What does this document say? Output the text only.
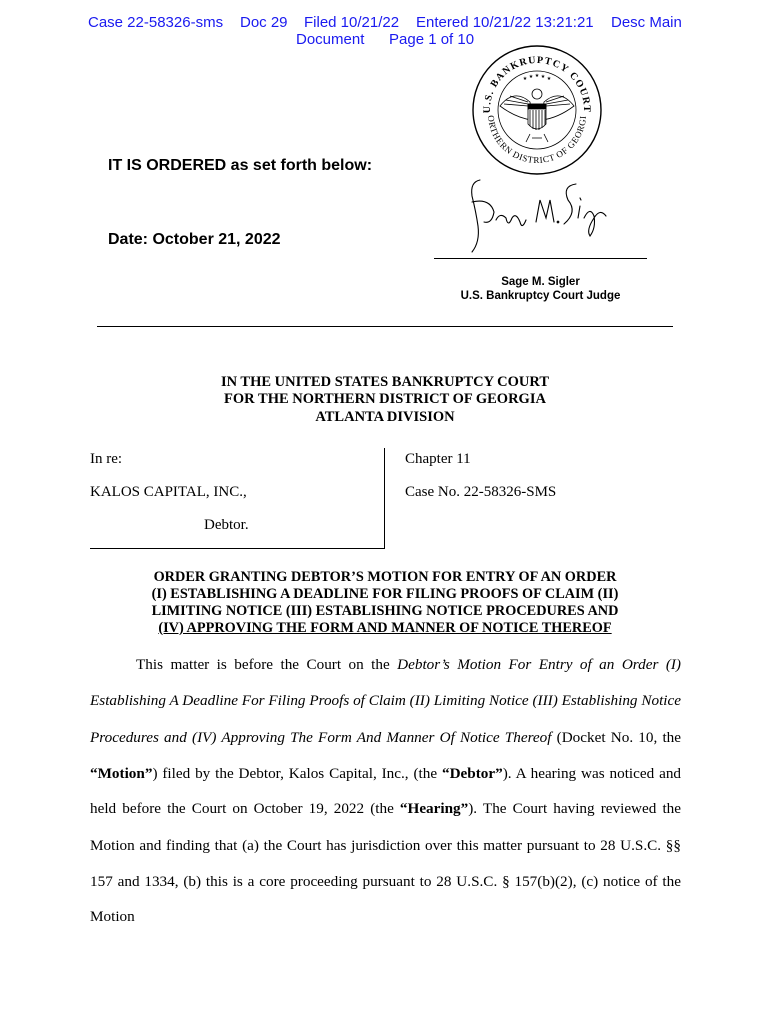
Case 22-58326-sms Doc 29 Filed 10/21/22 Entered 10/21/22 13:21:21 Desc Main
Document Page 1 of 10
U.S. BANKRUPTCY COURT
ORTHERN DISTRICT OF GEORGI
★ ★ ★ ★ ★
IT IS ORDERED as set forth below:
Date: October 21, 2022
Sage M. Sigler
U.S. Bankruptcy Court Judge
IN THE UNITED STATES BANKRUPTCY COURT
FOR THE NORTHERN DISTRICT OF GEORGIA
ATLANTA DIVISION
In re:
KALOS CAPITAL, INC.,
Debtor.
Chapter 11
Case No. 22-58326-SMS
ORDER GRANTING DEBTOR’S MOTION FOR ENTRY OF AN ORDER
(I) ESTABLISHING A DEADLINE FOR FILING PROOFS OF CLAIM (II)
LIMITING NOTICE (III) ESTABLISHING NOTICE PROCEDURES AND
(IV) APPROVING THE FORM AND MANNER OF NOTICE THEREOF
This matter is before the Court on the Debtor’s Motion For Entry of an Order (I)
Establishing A Deadline For Filing Proofs of Claim (II) Limiting Notice (III) Establishing Notice
Procedures and (IV) Approving The Form And Manner Of Notice Thereof (Docket No. 10, the
“Motion”) filed by the Debtor, Kalos Capital, Inc., (the “Debtor”). A hearing was noticed and
held before the Court on October 19, 2022 (the “Hearing”). The Court having reviewed the
Motion and finding that (a) the Court has jurisdiction over this matter pursuant to 28 U.S.C. §§
157 and 1334, (b) this is a core proceeding pursuant to 28 U.S.C. § 157(b)(2), (c) notice of the
Motion
